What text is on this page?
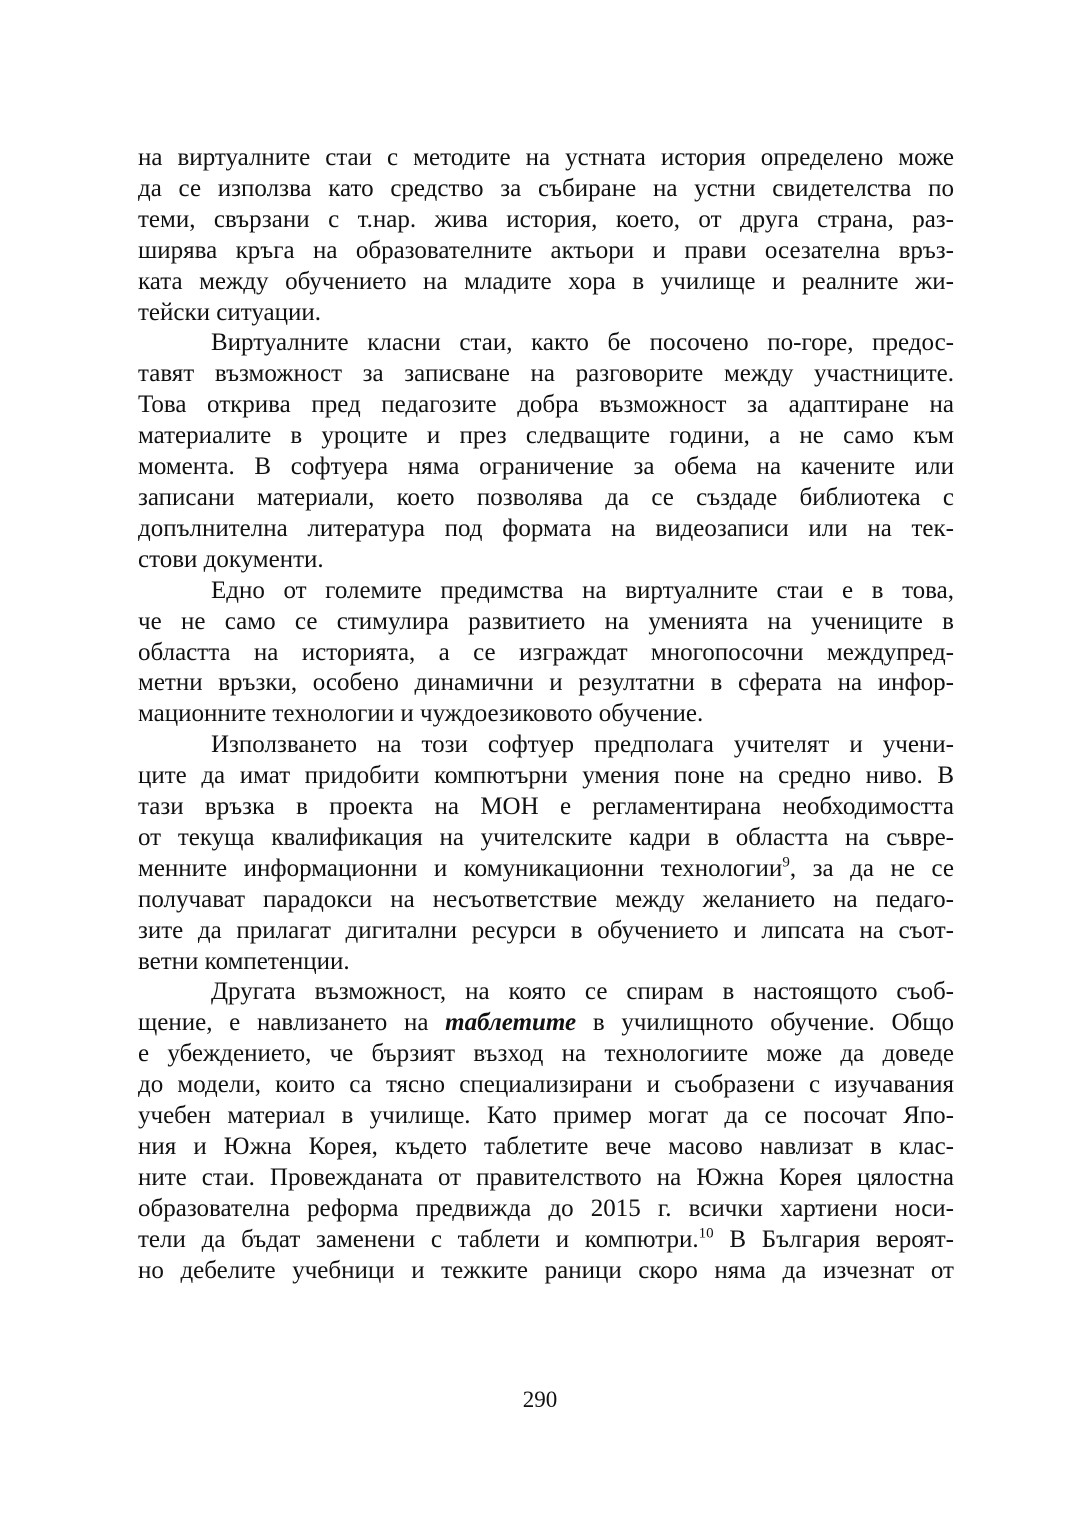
на виртуалните стаи с методите на устната история определено може
да се използва като средство за събиране на устни свидетелства по
теми, свързани с т.нар. жива история, което, от друга страна, раз-
ширява кръга на образователните актьори и прави осезателна връз-
ката между обучението на младите хора в училище и реалните жи-
тейски ситуации.

Виртуалните класни стаи, както бе посочено по-горе, предос-
тавят възможност за записване на разговорите между участниците.
Това открива пред педагозите добра възможност за адаптиране на
материалите в уроците и през следващите години, а не само към
момента. В софтуера няма ограничение за обема на качените или
записани материали, което позволява да се създаде библиотека с
допълнителна литература под формата на видеозаписи или на тек-
стови документи.

Едно от големите предимства на виртуалните стаи е в това,
че не само се стимулира развитието на уменията на учениците в
областта на историята, а се изграждат многопосочни междупред-
метни връзки, особено динамични и резултатни в сферата на инфор-
мационните технологии и чуждоезиковото обучение.

Използването на този софтуер предполага учителят и учени-
ците да имат придобити компютърни умения поне на средно ниво. В
тази връзка в проекта на МОН е регламентирана необходимостта
от текуща квалификация на учителските кадри в областта на съвре-
менните информационни и комуникационни технологии$^9$, за да не се
получават парадокси на несъответствие между желанието на педаго-
зите да прилагат дигитални ресурси в обучението и липсата на съот-
ветни компетенции.

Другата възможност, на която се спирам в настоящото съоб-
щение, е навлизането на таблетите в училищното обучение. Общо
е убеждението, че бързият възход на технологиите може да доведе
до модели, които са тясно специализирани и съобразени с изучавания
учебен материал в училище. Като пример могат да се посочат Япо-
ния и Южна Корея, където таблетите вече масово навлизат в клас-
ните стаи. Провежданата от правителството на Южна Корея цялостна
образователна реформа предвижда до 2015 г. всички хартиени носи-
тели да бъдат заменени с таблети и компютри.$^{10}$ В България вероят-
но дебелите учебници и тежките раници скоро няма да изчезнат от

290
